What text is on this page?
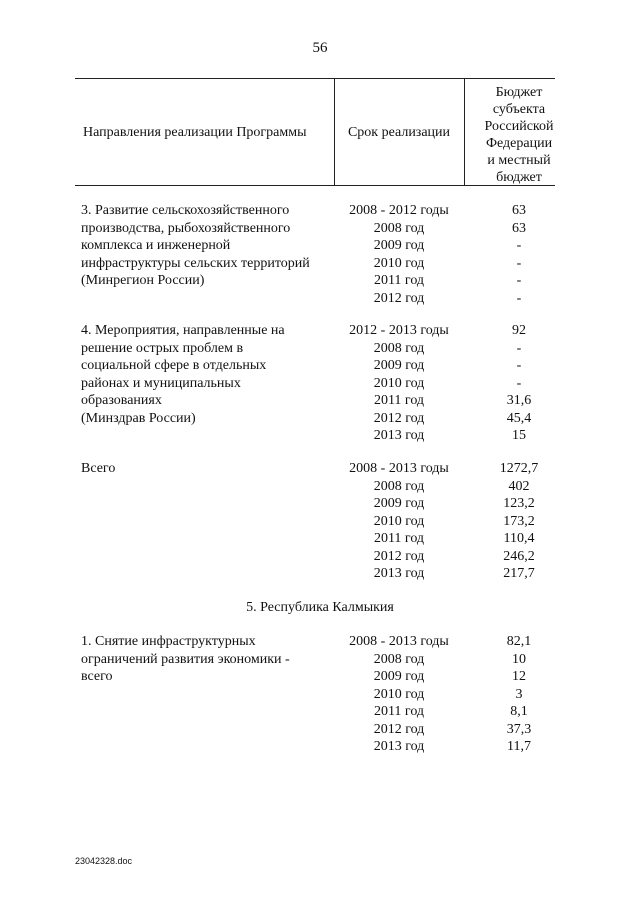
56
Направления реализации Программы	Срок реализации
Бюджет
субъекта
Российской
Федерации
и местный
бюджет
3. Развитие сельскохозяйственного
производства, рыбохозяйственного
комплекса и инженерной
инфраструктуры сельских территорий
(Минрегион России)
2008 - 2012 годы
2008 год
2009 год
2010 год
2011 год
2012 год
63
63
-
-
-
-
4. Мероприятия, направленные на
решение острых проблем в
социальной сфере в отдельных
районах и муниципальных
образованиях
(Минздрав России)
2012 - 2013 годы
2008 год
2009 год
2010 год
2011 год
2012 год
2013 год
92
-
-
-
31,6
45,4
15
Всего	2008 - 2013 годы
2008 год
2009 год
2010 год
2011 год
2012 год
2013 год
1272,7
402
123,2
173,2
110,4
246,2
217,7
5. Республика Калмыкия
1. Снятие инфраструктурных
ограничений развития экономики -
всего
2008 - 2013 годы
2008 год
2009 год
2010 год
2011 год
2012 год
2013 год
82,1
10
12
3
8,1
37,3
11,7
23042328.doc
